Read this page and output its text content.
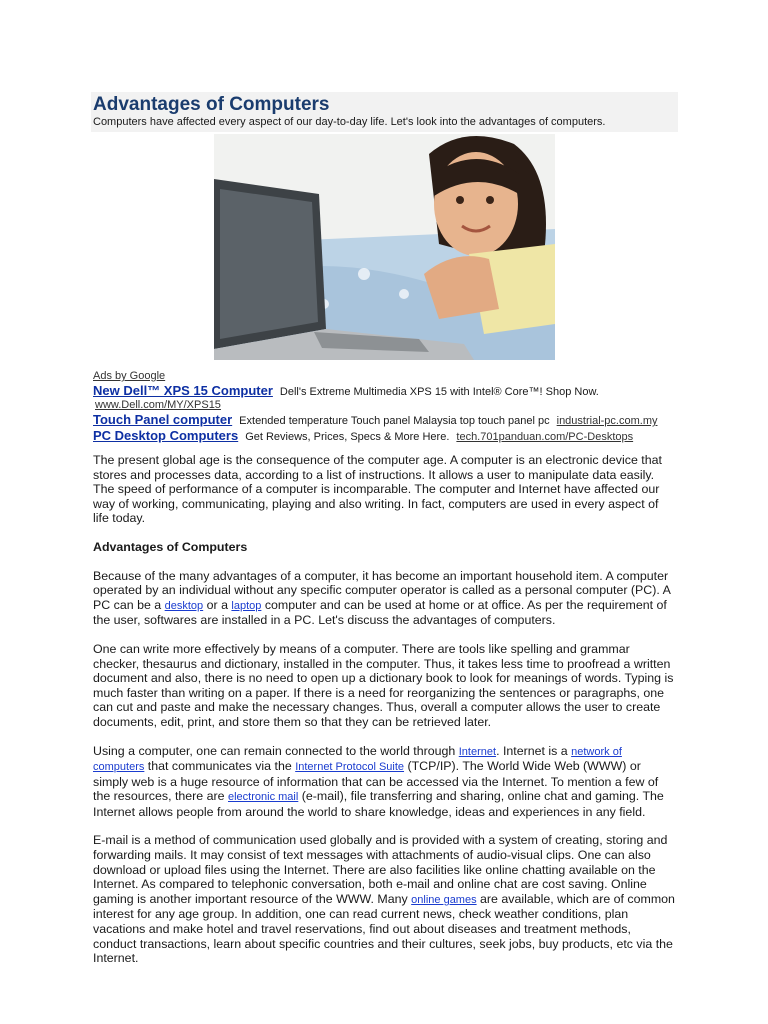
Advantages of Computers

Computers have affected every aspect of our day-to-day life. Let's look into the advantages of computers.

Ads by Google
New Dell™ XPS 15 Computer Dell's Extreme Multimedia XPS 15 with Intel® Core™! Shop Now.
www.Dell.com/MY/XPS15
Touch Panel computer Extended temperature Touch panel Malaysia top touch panel pc industrial-pc.com.my
PC Desktop Computers Get Reviews, Prices, Specs & More Here. tech.701panduan.com/PC-Desktops

The present global age is the consequence of the computer age. A computer is an electronic device that stores and processes data, according to a list of instructions. It allows a user to manipulate data easily. The speed of performance of a computer is incomparable. The computer and Internet have affected our way of working, communicating, playing and also writing. In fact, computers are used in every aspect of life today.

Advantages of Computers

Because of the many advantages of a computer, it has become an important household item. A computer operated by an individual without any specific computer operator is called as a personal computer (PC). A PC can be a desktop or a laptop computer and can be used at home or at office. As per the requirement of the user, softwares are installed in a PC. Let's discuss the advantages of computers.

One can write more effectively by means of a computer. There are tools like spelling and grammar checker, thesaurus and dictionary, installed in the computer. Thus, it takes less time to proofread a written document and also, there is no need to open up a dictionary book to look for meanings of words. Typing is much faster than writing on a paper. If there is a need for reorganizing the sentences or paragraphs, one can cut and paste and make the necessary changes. Thus, overall a computer allows the user to create documents, edit, print, and store them so that they can be retrieved later.

Using a computer, one can remain connected to the world through Internet. Internet is a network of computers that communicates via the Internet Protocol Suite (TCP/IP). The World Wide Web (WWW) or simply web is a huge resource of information that can be accessed via the Internet. To mention a few of the resources, there are electronic mail (e-mail), file transferring and sharing, online chat and gaming. The Internet allows people from around the world to share knowledge, ideas and experiences in any field.

E-mail is a method of communication used globally and is provided with a system of creating, storing and forwarding mails. It may consist of text messages with attachments of audio-visual clips. One can also download or upload files using the Internet. There are also facilities like online chatting available on the Internet. As compared to telephonic conversation, both e-mail and online chat are cost saving. Online gaming is another important resource of the WWW. Many online games are available, which are of common interest for any age group. In addition, one can read current news, check weather conditions, plan vacations and make hotel and travel reservations, find out about diseases and treatment methods, conduct transactions, learn about specific countries and their cultures, seek jobs, buy products, etc via the Internet.
